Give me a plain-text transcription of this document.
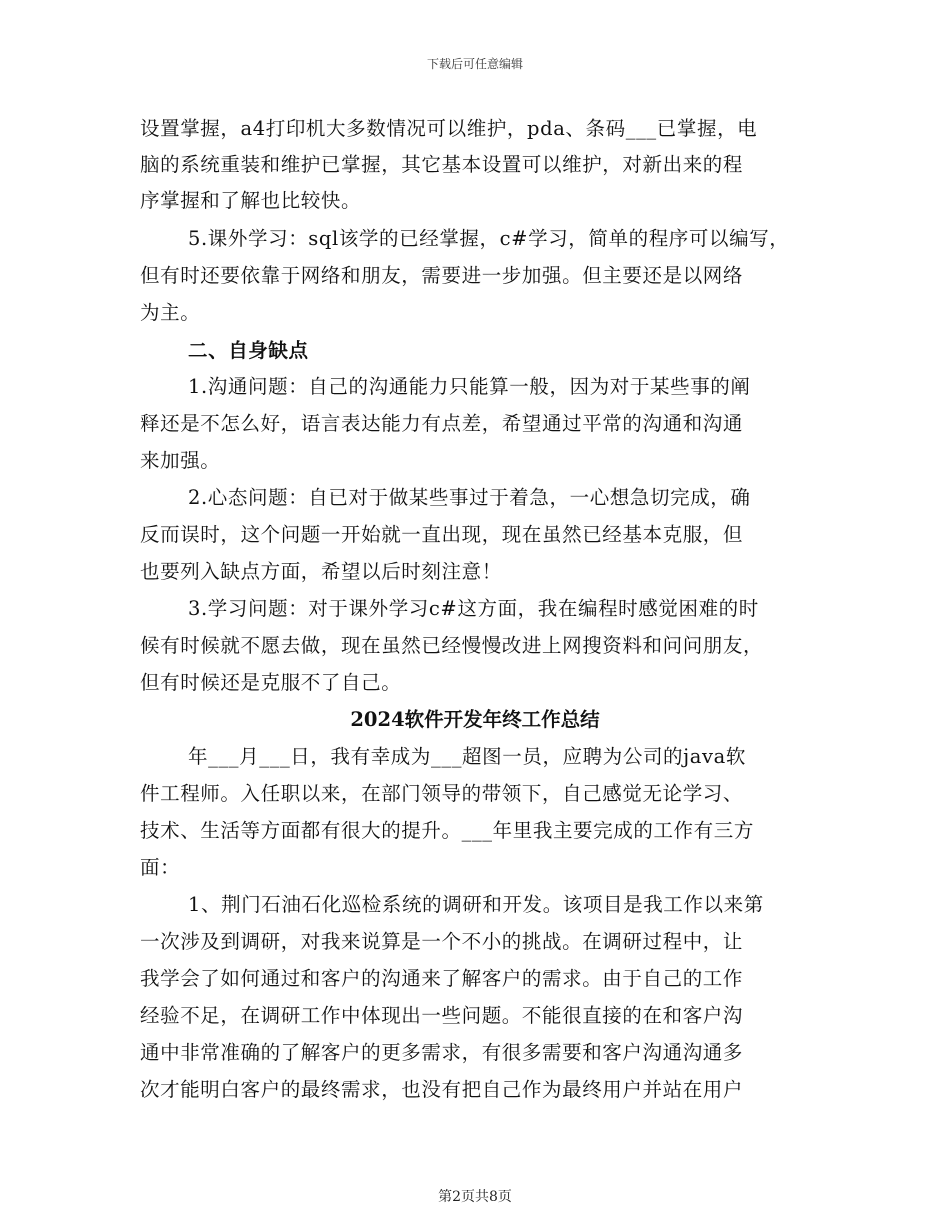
下载后可任意编辑
设置掌握，a4打印机大多数情况可以维护，pda、条码___已掌握，电
脑的系统重装和维护已掌握，其它基本设置可以维护，对新出来的程
序掌握和了解也比较快。
5.课外学习：sql该学的已经掌握，c#学习，简单的程序可以编写，
但有时还要依靠于网络和朋友，需要进一步加强。但主要还是以网络
为主。
二、自身缺点
1.沟通问题：自己的沟通能力只能算一般，因为对于某些事的阐
释还是不怎么好，语言表达能力有点差，希望通过平常的沟通和沟通
来加强。
2.心态问题：自已对于做某些事过于着急，一心想急切完成，确
反而误时，这个问题一开始就一直出现，现在虽然已经基本克服，但
也要列入缺点方面，希望以后时刻注意！
3.学习问题：对于课外学习c#这方面，我在编程时感觉困难的时
候有时候就不愿去做，现在虽然已经慢慢改进上网搜资料和问问朋友，
但有时候还是克服不了自己。
2024软件开发年终工作总结
年___月___日，我有幸成为___超图一员，应聘为公司的java软
件工程师。入任职以来，在部门领导的带领下，自己感觉无论学习、
技术、生活等方面都有很大的提升。___年里我主要完成的工作有三方
面：
1、荆门石油石化巡检系统的调研和开发。该项目是我工作以来第
一次涉及到调研，对我来说算是一个不小的挑战。在调研过程中，让
我学会了如何通过和客户的沟通来了解客户的需求。由于自己的工作
经验不足，在调研工作中体现出一些问题。不能很直接的在和客户沟
通中非常准确的了解客户的更多需求，有很多需要和客户沟通沟通多
次才能明白客户的最终需求，也没有把自己作为最终用户并站在用户
第2页共8页
